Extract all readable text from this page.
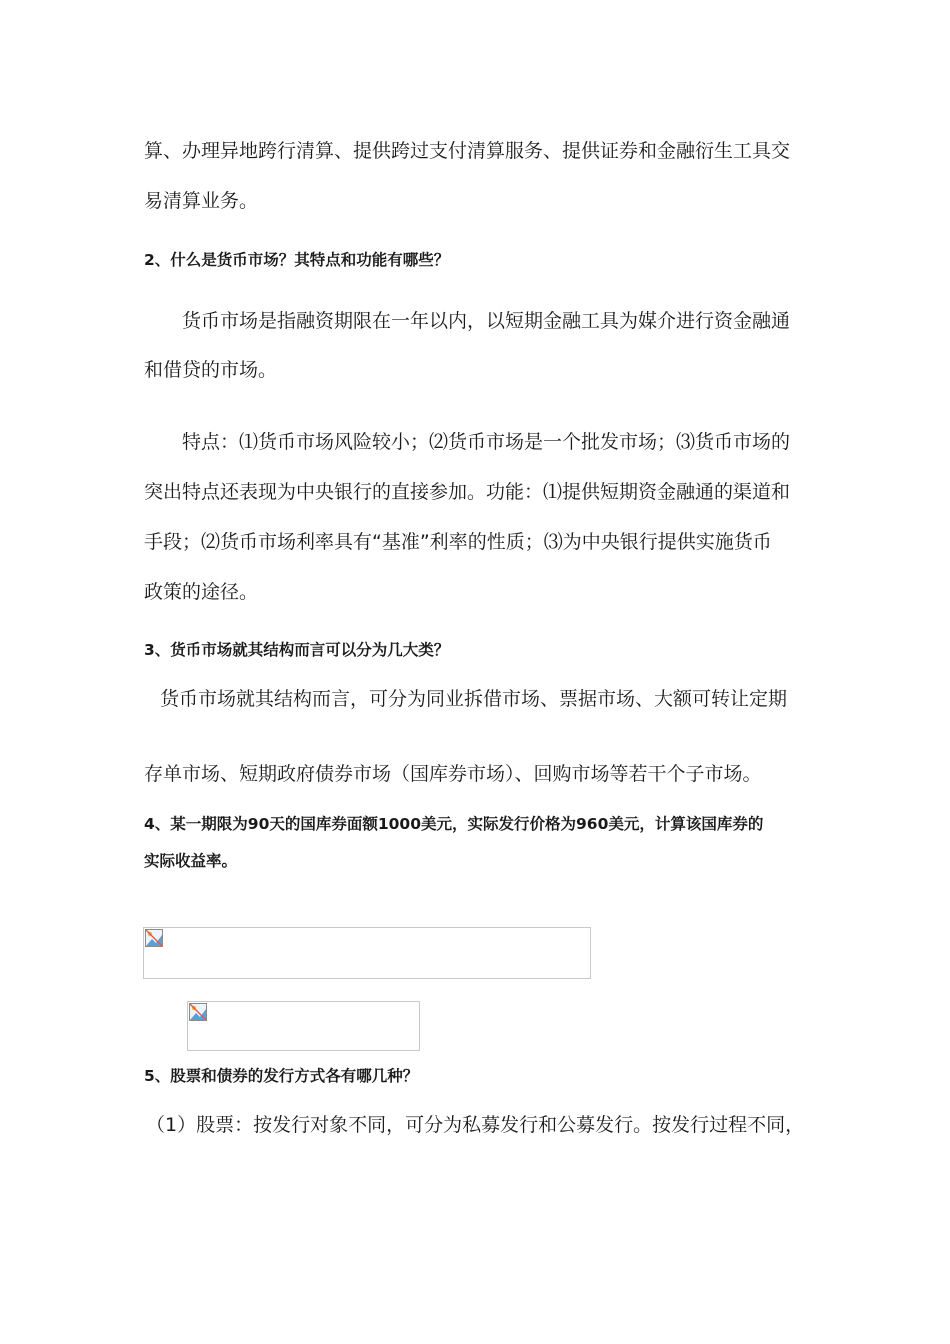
算、办理异地跨行清算、提供跨过支付清算服务、提供证券和金融衍生工具交
易清算业务。
2、什么是货币市场？其特点和功能有哪些？
货币市场是指融资期限在一年以内，以短期金融工具为媒介进行资金融通
和借贷的市场。
特点：⑴货币市场风险较小；⑵货币市场是一个批发市场；⑶货币市场的
突出特点还表现为中央银行的直接参加。功能：⑴提供短期资金融通的渠道和
手段；⑵货币市场利率具有“基准”利率的性质；⑶为中央银行提供实施货币
政策的途径。
3、货币市场就其结构而言可以分为几大类？
货币市场就其结构而言，可分为同业拆借市场、票据市场、大额可转让定期
存单市场、短期政府债券市场（国库券市场）、回购市场等若干个子市场。
4、某一期限为90天的国库券面额1000美元，实际发行价格为960美元，计算该国库券的
实际收益率。
5、股票和债券的发行方式各有哪几种？
（1）股票：按发行对象不同，可分为私募发行和公募发行。按发行过程不同，
